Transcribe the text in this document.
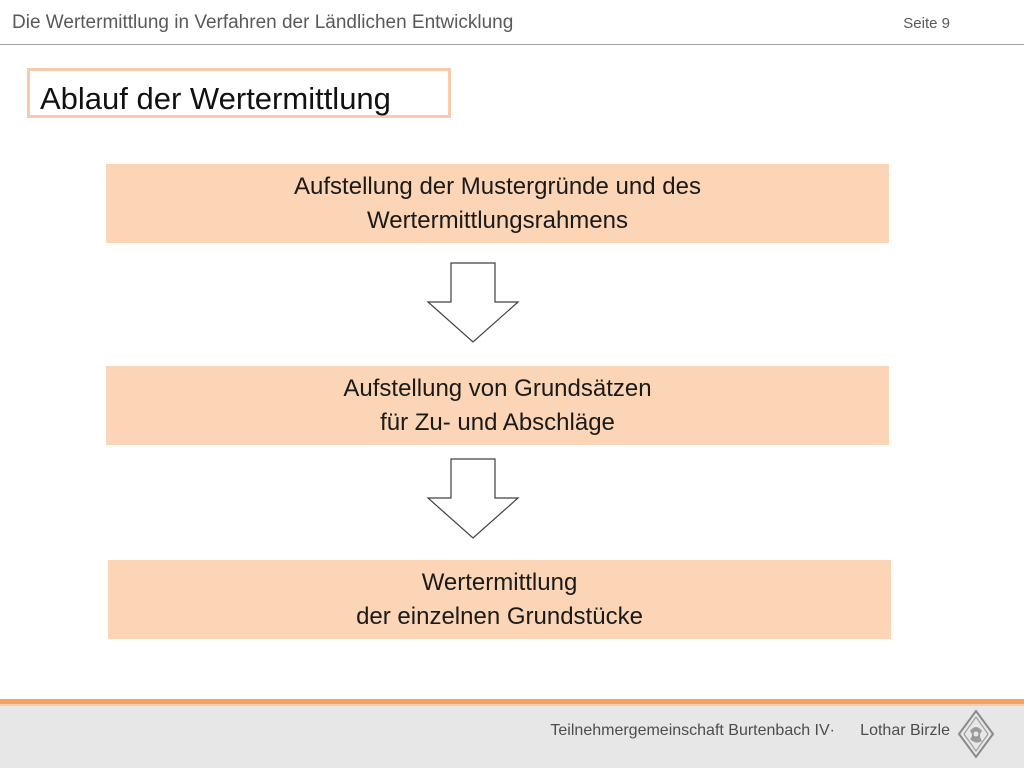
Die Wertermittlung in Verfahren der Ländlichen Entwicklung	Seite 9
Ablauf der Wertermittlung
Aufstellung der Mustergründe und des
Wertermittlungsrahmens
Aufstellung von Grundsätzen
für Zu- und Abschläge
Wertermittlung
der einzelnen Grundstücke
Teilnehmergemeinschaft Burtenbach IV· Lothar Birzle
